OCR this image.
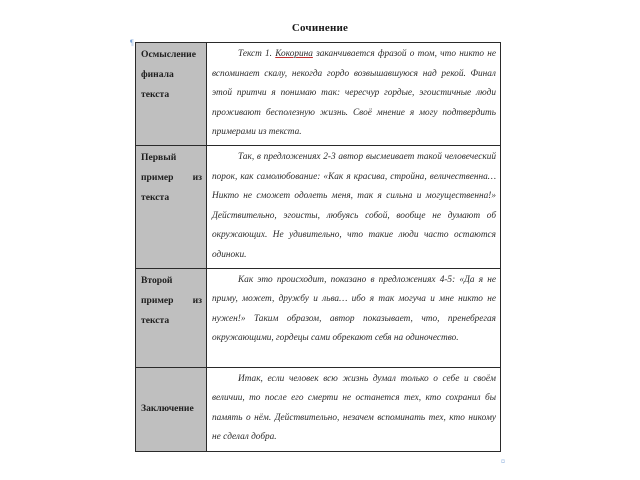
Сочинение
¶
Осмысление финала текста	Текст 1. Кокорина заканчивается фразой о том, что никто не вспоминает скалу, некогда гордо возвышавшуюся над рекой. Финал этой притчи я понимаю так: чересчур гордые, эгоистичные люди проживают бесполезную жизнь. Своё мнение я могу подтвердить примерами из текста.
Первый пример из текста	Так, в предложениях 2-3 автор высмеивает такой человеческий порок, как самолюбование: «Как я красива, стройна, величественна… Никто не сможет одолеть меня, так я сильна и могущественна!» Действительно, эгоисты, любуясь собой, вообще не думают об окружающих. Не удивительно, что такие люди часто остаются одиноки.
Второй пример из текста	Как это происходит, показано в предложениях 4-5: «Да я не приму, может, дружбу и льва… ибо я так могуча и мне никто не нужен!» Таким образом, автор показывает, что, пренебрегая окружающими, гордецы сами обрекают себя на одиночество.
Заключение	Итак, если человек всю жизнь думал только о себе и своём величии, то после его смерти не останется тех, кто сохранил бы память о нём. Действительно, незачем вспоминать тех, кто никому не сделал добра.
¤
